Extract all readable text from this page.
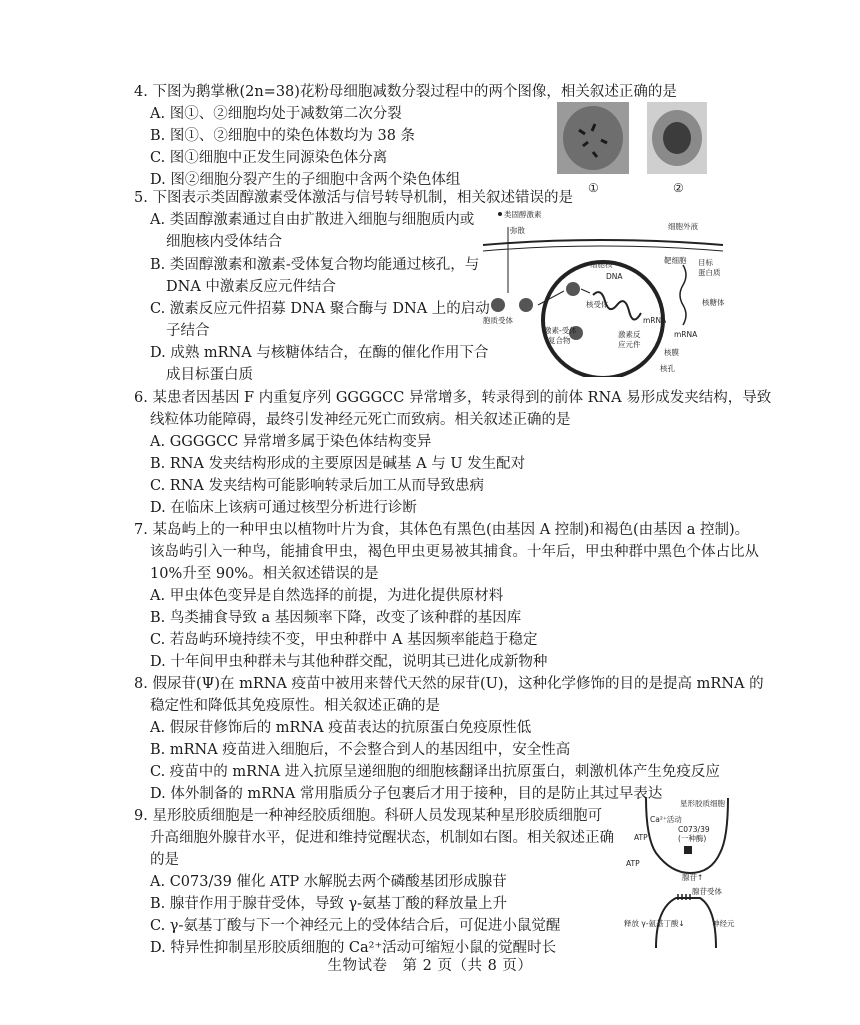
4. 下图为鹅掌楸(2n=38)花粉母细胞减数分裂过程中的两个图像，相关叙述正确的是
A. 图①、②细胞均处于减数第二次分裂
B. 图①、②细胞中的染色体数均为 38 条
C. 图①细胞中正发生同源染色体分离
D. 图②细胞分裂产生的子细胞中含两个染色体组	①	②
5. 下图表示类固醇激素受体激活与信号转导机制，相关叙述错误的是
A. 类固醇激素通过自由扩散进入细胞与细胞质内或
细胞核内受体结合
B. 类固醇激素和激素-受体复合物均能通过核孔，与
DNA 中激素反应元件结合
C. 激素反应元件招募 DNA 聚合酶与 DNA 上的启动
子结合
D. 成熟 mRNA 与核糖体结合，在酶的催化作用下合
成目标蛋白质
类固醇激素
弥散	细胞外液
细胞核	靶细胞
DNA
核受体
胞质受体
激素-受体
复合物
激素反
应元件
mRNA
mRNA
目标
蛋白质
核糖体
核膜
核孔
6. 某患者因基因 F 内重复序列 GGGGCC 异常增多，转录得到的前体 RNA 易形成发夹结构，导致
线粒体功能障碍，最终引发神经元死亡而致病。相关叙述正确的是
A. GGGGCC 异常增多属于染色体结构变异
B. RNA 发夹结构形成的主要原因是碱基 A 与 U 发生配对
C. RNA 发夹结构可能影响转录后加工从而导致患病
D. 在临床上该病可通过核型分析进行诊断
7. 某岛屿上的一种甲虫以植物叶片为食，其体色有黑色(由基因 A 控制)和褐色(由基因 a 控制)。
该岛屿引入一种鸟，能捕食甲虫，褐色甲虫更易被其捕食。十年后，甲虫种群中黑色个体占比从
10%升至 90%。相关叙述错误的是
A. 甲虫体色变异是自然选择的前提，为进化提供原材料
B. 鸟类捕食导致 a 基因频率下降，改变了该种群的基因库
C. 若岛屿环境持续不变，甲虫种群中 A 基因频率能趋于稳定
D. 十年间甲虫种群未与其他种群交配，说明其已进化成新物种
8. 假尿苷(Ψ)在 mRNA 疫苗中被用来替代天然的尿苷(U)，这种化学修饰的目的是提高 mRNA 的
稳定性和降低其免疫原性。相关叙述正确的是
A. 假尿苷修饰后的 mRNA 疫苗表达的抗原蛋白免疫原性低
B. mRNA 疫苗进入细胞后，不会整合到人的基因组中，安全性高
C. 疫苗中的 mRNA 进入抗原呈递细胞的细胞核翻译出抗原蛋白，刺激机体产生免疫反应
D. 体外制备的 mRNA 常用脂质分子包裹后才用于接种，目的是防止其过早表达
9. 星形胶质细胞是一种神经胶质细胞。科研人员发现某种星形胶质细胞可
升高细胞外腺苷水平，促进和维持觉醒状态，机制如右图。相关叙述正确
的是
A. C073/39 催化 ATP 水解脱去两个磷酸基团形成腺苷
B. 腺苷作用于腺苷受体，导致 γ-氨基丁酸的释放量上升
C. γ-氨基丁酸与下一个神经元上的受体结合后，可促进小鼠觉醒
D. 特异性抑制星形胶质细胞的 Ca²⁺活动可缩短小鼠的觉醒时长
星形胶质细胞
Ca²⁺活动
C073/39
(一种酶)
ATP
ATP
腺苷↑
腺苷受体
释放 γ-氨基丁酸↓	神经元
生物试卷　第 2 页（共 8 页）
